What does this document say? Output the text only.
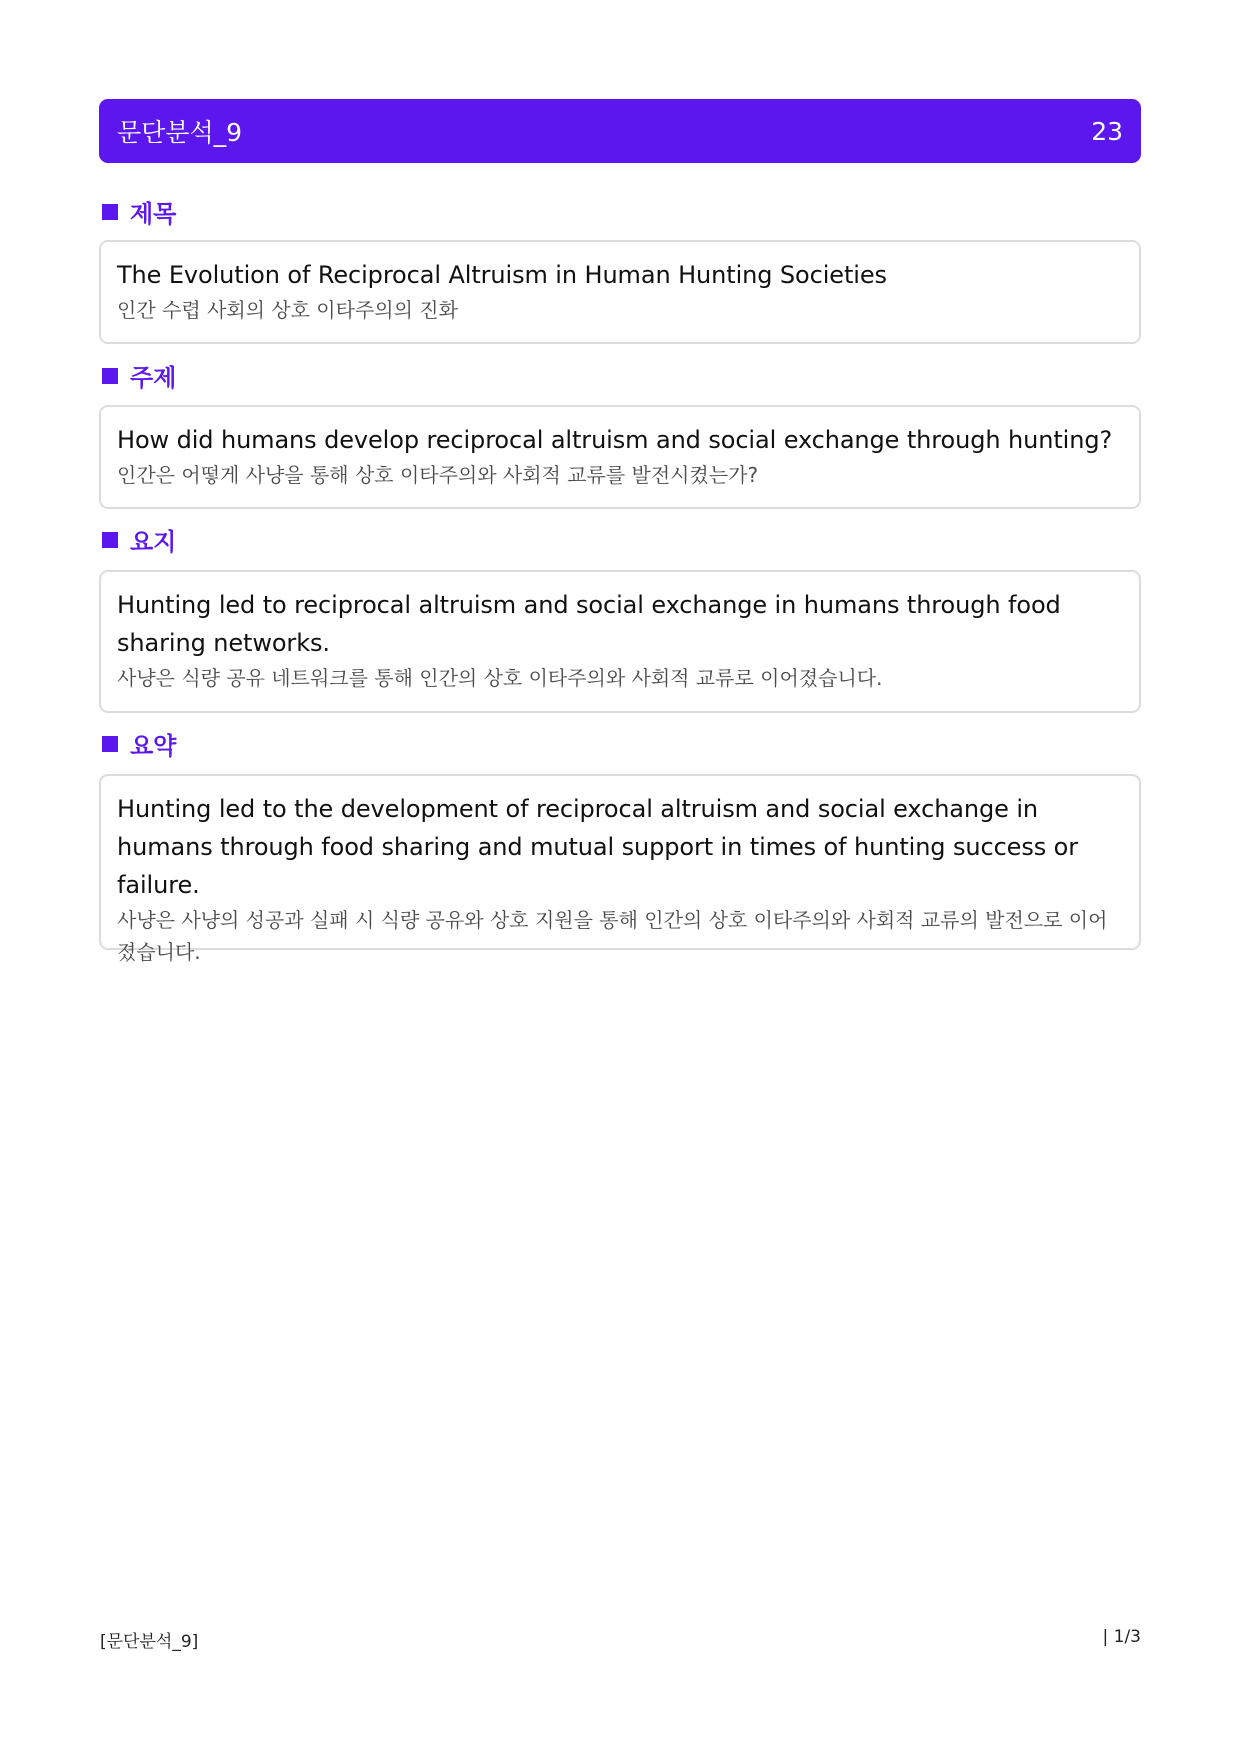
문단분석_9	23
제목
The Evolution of Reciprocal Altruism in Human Hunting Societies
인간 수렵 사회의 상호 이타주의의 진화
주제
How did humans develop reciprocal altruism and social exchange through hunting?
인간은 어떻게 사냥을 통해 상호 이타주의와 사회적 교류를 발전시켰는가?
요지
Hunting led to reciprocal altruism and social exchange in humans through food sharing networks.
사냥은 식량 공유 네트워크를 통해 인간의 상호 이타주의와 사회적 교류로 이어졌습니다.
요약
Hunting led to the development of reciprocal altruism and social exchange in humans through food sharing and mutual support in times of hunting success or failure.
사냥은 사냥의 성공과 실패 시 식량 공유와 상호 지원을 통해 인간의 상호 이타주의와 사회적 교류의 발전으로 이어졌습니다.
[문단분석_9]	| 1/3
